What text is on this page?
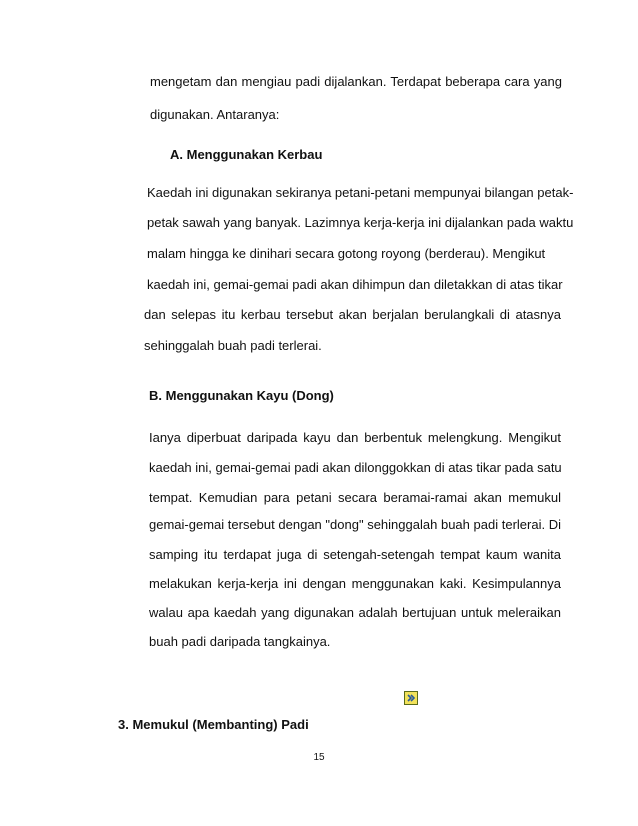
mengetam dan mengiau padi dijalankan. Terdapat beberapa cara yang
digunakan. Antaranya:
A. Menggunakan Kerbau
Kaedah ini digunakan sekiranya petani-petani mempunyai bilangan petak-
petak sawah yang banyak. Lazimnya kerja-kerja ini dijalankan pada waktu
malam hingga ke dinihari secara gotong royong (berderau). Mengikut
kaedah ini, gemai-gemai padi akan dihimpun dan diletakkan di atas tikar
dan selepas itu kerbau tersebut akan berjalan berulangkali di atasnya
sehinggalah buah padi terlerai.
B. Menggunakan Kayu (Dong)
Ianya diperbuat daripada kayu dan berbentuk melengkung. Mengikut
kaedah ini, gemai-gemai padi akan dilonggokkan di atas tikar pada satu
tempat. Kemudian para petani secara beramai-ramai akan memukul
gemai-gemai tersebut dengan "dong" sehinggalah buah padi terlerai. Di
samping itu terdapat juga di setengah-setengah tempat kaum wanita
melakukan kerja-kerja ini dengan menggunakan kaki. Kesimpulannya
walau apa kaedah yang digunakan adalah bertujuan untuk meleraikan
buah padi daripada tangkainya.
3. Memukul (Membanting) Padi
15
